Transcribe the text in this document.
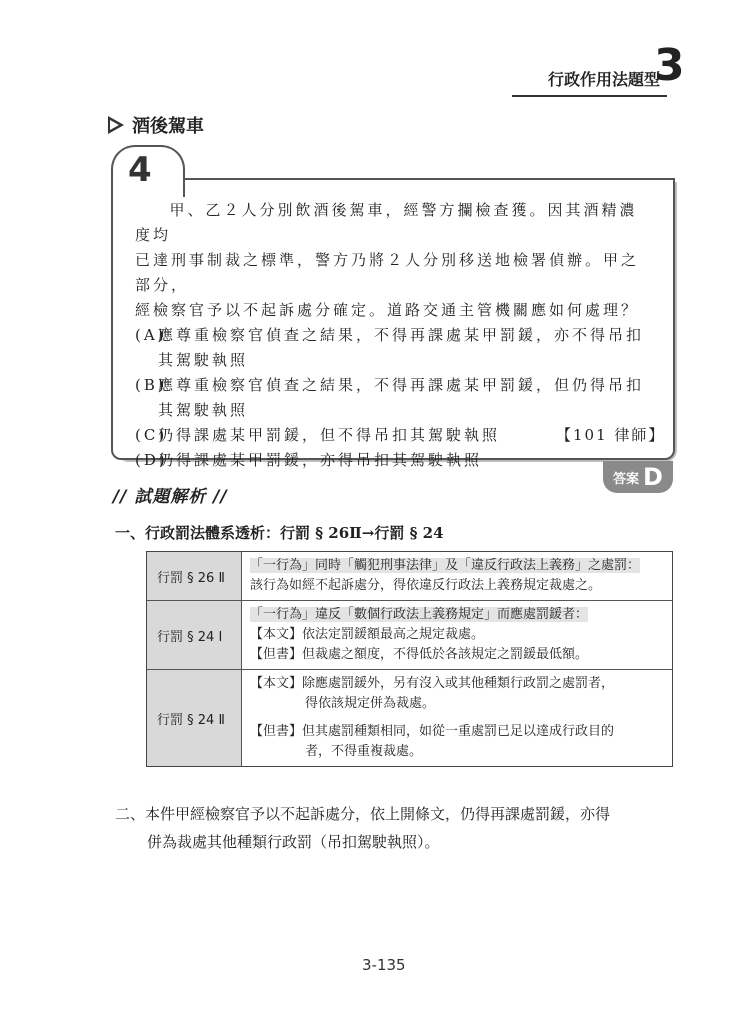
行政作用法題型
3
酒後駕車
4

甲、乙２人分別飲酒後駕車，經警方攔檢查獲。因其酒精濃度均

已達刑事制裁之標準，警方乃將２人分別移送地檢署偵辦。甲之部分，

經檢察官予以不起訴處分確定。道路交通主管機關應如何處理？

(A)
應尊重檢察官偵查之結果，不得再課處某甲罰鍰，亦不得吊扣其駕駛執照
(B)
應尊重檢察官偵查之結果，不得再課處某甲罰鍰，但仍得吊扣其駕駛執照
(C)
仍得課處某甲罰鍰，但不得吊扣其駕駛執照
(D)
仍得課處某甲罰鍰，亦得吊扣其駕駛執照
【101 律師】
答案 D
// 試題解析 //
一、行政罰法體系透析：行罰 § 26Ⅱ→行罰 § 24
行罰 § 26 Ⅱ
「一行為」同時「觸犯刑事法律」及「違反行政法上義務」之處罰：
該行為如經不起訴處分，得依違反行政法上義務規定裁處之。
行罰 § 24 Ⅰ
「一行為」違反「數個行政法上義務規定」而應處罰鍰者：
【本文】依法定罰鍰額最高之規定裁處。
【但書】但裁處之額度，不得低於各該規定之罰鍰最低額。
行罰 § 24 Ⅱ
【本文】除應處罰鍰外，另有沒入或其他種類行政罰之處罰者，
得依該規定併為裁處。
【但書】但其處罰種類相同，如從一重處罰已足以達成行政目的
者，不得重複裁處。
二、本件甲經檢察官予以不起訴處分，依上開條文，仍得再課處罰鍰，亦得
併為裁處其他種類行政罰（吊扣駕駛執照）。
3-135
